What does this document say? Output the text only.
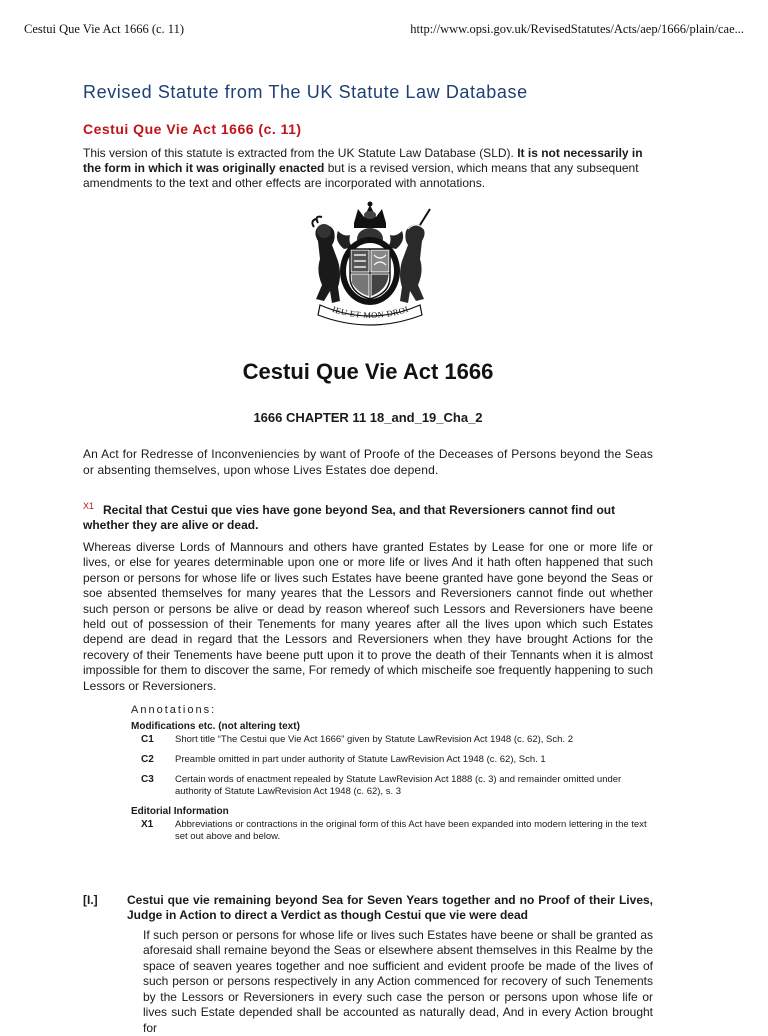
Cestui Que Vie Act 1666 (c. 11)	http://www.opsi.gov.uk/RevisedStatutes/Acts/aep/1666/plain/cae...
Revised Statute from The UK Statute Law Database
Cestui Que Vie Act 1666 (c. 11)

This version of this statute is extracted from the UK Statute Law Database (SLD). It is not necessarily in the form in which it was originally enacted but is a revised version, which means that any subsequent amendments to the text and other effects are incorporated with annotations.

IEU ET MON DROI
Cestui Que Vie Act 1666
1666 CHAPTER 11 18_and_19_Cha_2

An Act for Redresse of Inconveniencies by want of Proofe of the Deceases of Persons beyond the Seas or absenting themselves, upon whose Lives Estates doe depend.

X1 Recital that Cestui que vies have gone beyond Sea, and that Reversioners cannot find out whether they are alive or dead.

Whereas diverse Lords of Mannours and others have granted Estates by Lease for one or more life or lives, or else for yeares determinable upon one or more life or lives And it hath often happened that such person or persons for whose life or lives such Estates have beene granted have gone beyond the Seas or soe absented themselves for many yeares that the Lessors and Reversioners cannot finde out whether such person or persons be alive or dead by reason whereof such Lessors and Reversioners have beene held out of possession of their Tenements for many yeares after all the lives upon which such Estates depend are dead in regard that the Lessors and Reversioners when they have brought Actions for the recovery of their Tenements have beene putt upon it to prove the death of their Tennants when it is almost impossible for them to discover the same, For remedy of which mischeife soe frequently happening to such Lessors or Reversioners.

Annotations:
Modifications etc. (not altering text)
C1 Short title “The Cestui que Vie Act 1666” given by Statute LawRevision Act 1948 (c. 62), Sch. 2
C2 Preamble omitted in part under authority of Statute LawRevision Act 1948 (c. 62), Sch. 1
C3 Certain words of enactment repealed by Statute LawRevision Act 1888 (c. 3) and remainder omitted under authority of Statute LawRevision Act 1948 (c. 62), s. 3
Editorial Information
X1 Abbreviations or contractions in the original form of this Act have been expanded into modern lettering in the text set out above and below.
[I.] Cestui que vie remaining beyond Sea for Seven Years together and no Proof of their Lives, Judge in Action to direct a Verdict as though Cestui que vie were dead

If such person or persons for whose life or lives such Estates have beene or shall be granted as aforesaid shall remaine beyond the Seas or elsewhere absent themselves in this Realme by the space of seaven yeares together and noe sufficient and evident proofe be made of the lives of such person or persons respectively in any Action commenced for recovery of such Tenements by the Lessors or Reversioners in every such case the person or persons upon whose life or lives such Estate depended shall be accounted as naturally dead, And in every Action brought for
